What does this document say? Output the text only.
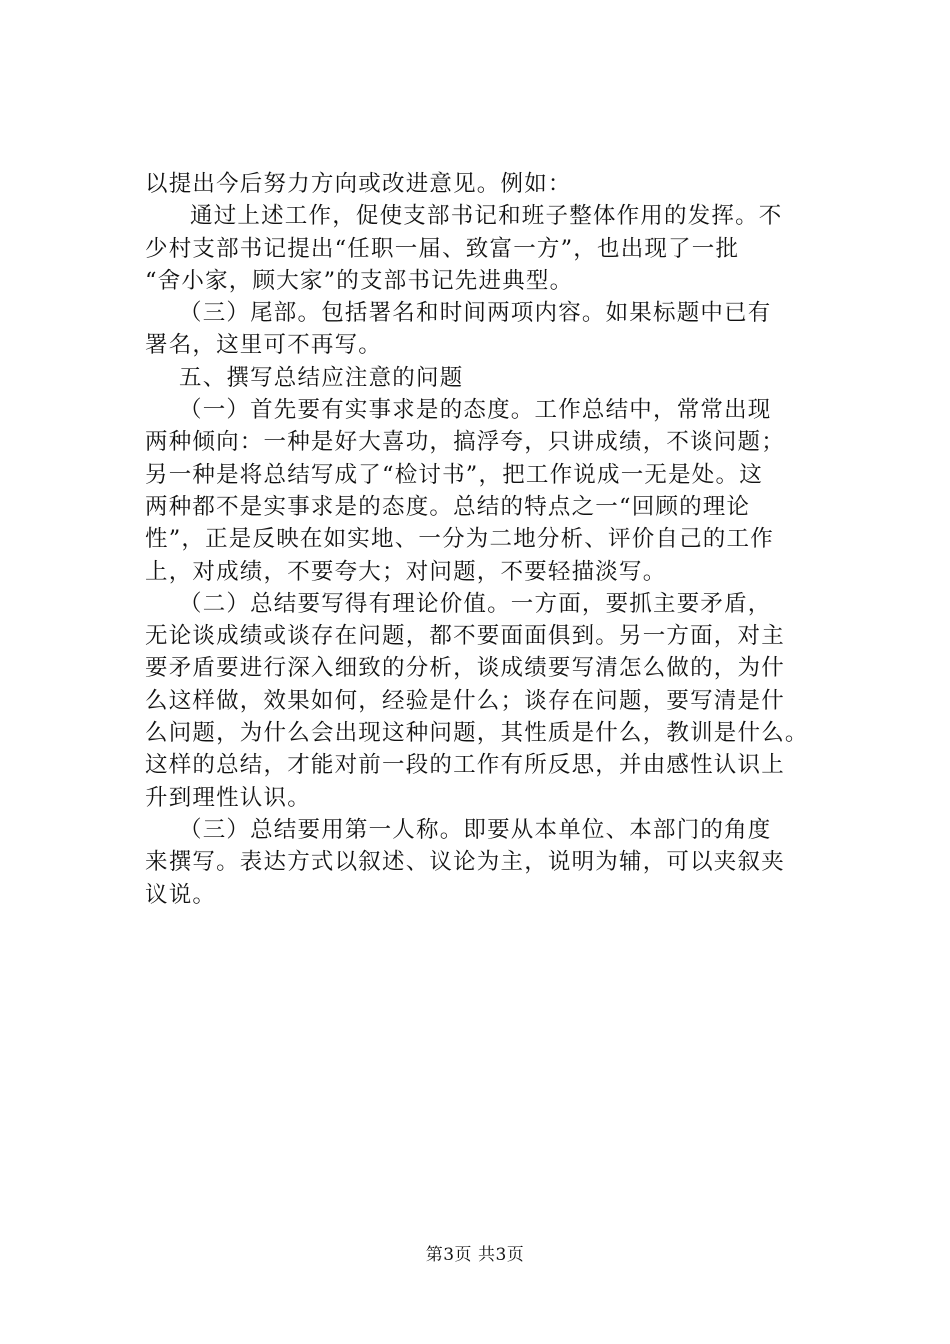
以提出今后努力方向或改进意见。例如：
通过上述工作，促使支部书记和班子整体作用的发挥。不
少村支部书记提出“任职一届、致富一方”，也出现了一批
“舍小家，顾大家”的支部书记先进典型。
（三）尾部。包括署名和时间两项内容。如果标题中已有
署名，这里可不再写。
五、撰写总结应注意的问题
（一）首先要有实事求是的态度。工作总结中，常常出现
两种倾向：一种是好大喜功，搞浮夸，只讲成绩，不谈问题；
另一种是将总结写成了“检讨书”，把工作说成一无是处。这
两种都不是实事求是的态度。总结的特点之一“回顾的理论
性”，正是反映在如实地、一分为二地分析、评价自己的工作
上，对成绩，不要夸大；对问题，不要轻描淡写。
（二）总结要写得有理论价值。一方面，要抓主要矛盾，
无论谈成绩或谈存在问题，都不要面面俱到。另一方面，对主
要矛盾要进行深入细致的分析，谈成绩要写清怎么做的，为什
么这样做，效果如何，经验是什么；谈存在问题，要写清是什
么问题，为什么会出现这种问题，其性质是什么，教训是什么。
这样的总结，才能对前一段的工作有所反思，并由感性认识上
升到理性认识。
（三）总结要用第一人称。即要从本单位、本部门的角度
来撰写。表达方式以叙述、议论为主，说明为辅，可以夹叙夹
议说。
第3页 共3页
